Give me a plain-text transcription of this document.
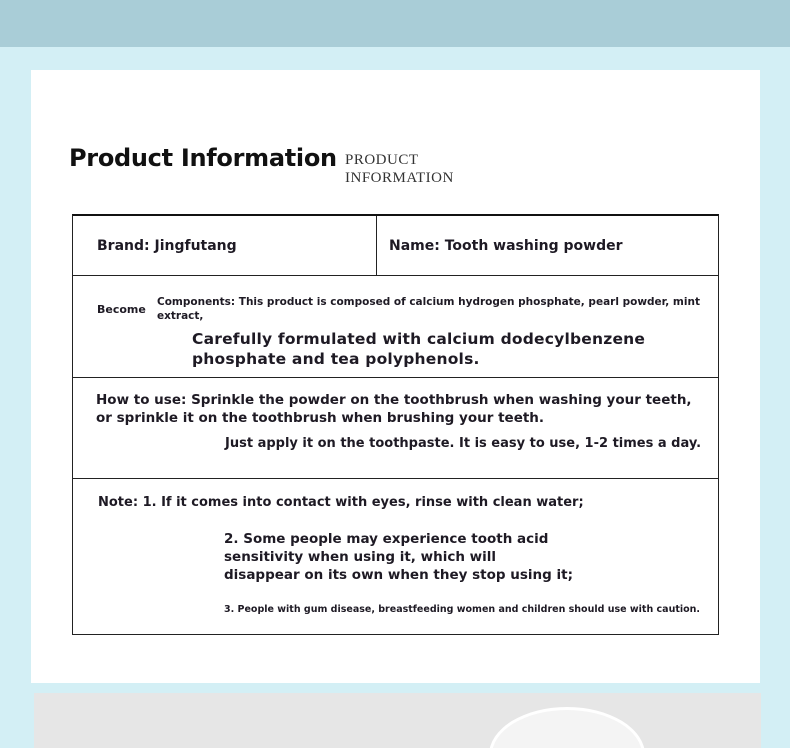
Product Information PRODUCT
INFORMATION
Brand: Jingfutang	Name: Tooth washing powder
Become
Components: This product is composed of calcium hydrogen phosphate, pearl powder, mint extract,
Carefully formulated with calcium dodecylbenzene phosphate and tea polyphenols.
How to use: Sprinkle the powder on the toothbrush when washing your teeth, or sprinkle it on the toothbrush when brushing your teeth.
Just apply it on the toothpaste. It is easy to use, 1-2 times a day.
Note: 1. If it comes into contact with eyes, rinse with clean water;
2. Some people may experience tooth acid sensitivity when using it, which will disappear on its own when they stop using it;
3. People with gum disease, breastfeeding women and children should use with caution.
